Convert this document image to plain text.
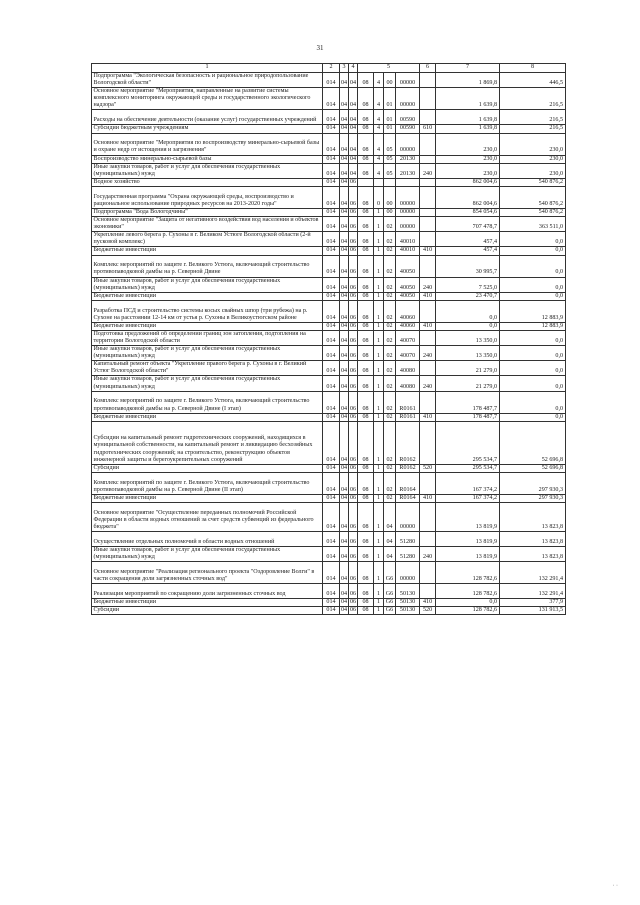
31
1	2	3	4	5				6	7	8
Подпрограмма "Экологическая безопасность и рациональное природопользование Вологодской области"	014	04	04	08	4	00	00000		1 869,8	446,5
Основное мероприятие "Мероприятия, направленные на развитие системы комплексного мониторинга окружающей среды и государственного экологического надзора"	014	04	04	08	4	01	00000		1 639,8	216,5
Расходы на обеспечение деятельности (оказание услуг) государственных учреждений	014	04	04	08	4	01	00590		1 639,8	216,5
Субсидии бюджетным учреждениям	014	04	04	08	4	01	00590	610	1 639,8	216,5
Основное мероприятие "Мероприятия по воспроизводству минерально-сырьевой базы и охране недр от истощения и загрязнения"	014	04	04	08	4	05	00000		230,0	230,0
Воспроизводство минерально-сырьевой базы	014	04	04	08	4	05	20130		230,0	230,0
Иные закупки товаров, работ и услуг для обеспечения государственных (муниципальных) нужд	014	04	04	08	4	05	20130	240	230,0	230,0
Водное хозяйство	014	04	06						862 004,6	540 876,2
Государственная программа "Охрана окружающей среды, воспроизводство и рациональное использование природных ресурсов на 2013-2020 годы"	014	04	06	08	0	00	00000		862 004,6	540 876,2
Подпрограмма "Вода Вологодчины"	014	04	06	08	1	00	00000		854 054,6	540 876,2
Основное мероприятие "Защита от негативного воздействия вод населения и объектов экономики"	014	04	06	08	1	02	00000		707 478,7	363 511,0
Укрепление левого берега р. Сухоны в г. Великом Устюге Вологодской области (2-й пусковой комплекс)	014	04	06	08	1	02	40010		457,4	0,0
Бюджетные инвестиции	014	04	06	08	1	02	40010	410	457,4	0,0
Комплекс мероприятий по защите г. Великого Устюга, включающий строительство противопаводковой дамбы на р. Северной Двине	014	04	06	08	1	02	40050		30 995,7	0,0
Иные закупки товаров, работ и услуг для обеспечения государственных (муниципальных) нужд	014	04	06	08	1	02	40050	240	7 525,0	0,0
Бюджетные инвестиции	014	04	06	08	1	02	40050	410	23 470,7	0,0
Разработка ПСД и строительство системы косых свайных шпор (три рубежа) на р. Сухоне на расстоянии 12-14 км от устья р. Сухоны в Великоустюгском районе	014	04	06	08	1	02	40060		0,0	12 883,9
Бюджетные инвестиции	014	04	06	08	1	02	40060	410	0,0	12 883,9
Подготовка предложений об определении границ зон затопления, подтопления на территории Вологодской области	014	04	06	08	1	02	40070		13 350,0	0,0
Иные закупки товаров, работ и услуг для обеспечения государственных (муниципальных) нужд	014	04	06	08	1	02	40070	240	13 350,0	0,0
Капитальный ремонт объекта "Укрепление правого берега р. Сухоны в г. Великий Устюг Вологодской области"	014	04	06	08	1	02	40080		21 279,0	0,0
Иные закупки товаров, работ и услуг для обеспечения государственных (муниципальных) нужд	014	04	06	08	1	02	40080	240	21 279,0	0,0
Комплекс мероприятий по защите г. Великого Устюга, включающий строительство противопаводковой дамбы на р. Северной Двине (I этап)	014	04	06	08	1	02	R0161		178 487,7	0,0
Бюджетные инвестиции	014	04	06	08	1	02	R0161	410	178 487,7	0,0
Субсидии на капитальный ремонт гидротехнических сооружений, находящихся в муниципальной собственности, на капитальный ремонт и ликвидацию бесхозяйных гидротехнических сооружений; на строительство, реконструкцию объектов инженерной защиты и берегоукрепительных сооружений	014	04	06	08	1	02	R0162		295 534,7	52 696,8
Субсидии	014	04	06	08	1	02	R0162	520	295 534,7	52 696,8
Комплекс мероприятий по защите г. Великого Устюга, включающий строительство противопаводковой дамбы на р. Северной Двине (II этап)	014	04	06	08	1	02	R0164		167 374,2	297 930,3
Бюджетные инвестиции	014	04	06	08	1	02	R0164	410	167 374,2	297 930,3
Основное мероприятие "Осуществление переданных полномочий Российской Федерации в области водных отношений за счет средств субвенций из федерального бюджета"	014	04	06	08	1	04	00000		13 819,9	13 823,8
Осуществление отдельных полномочий в области водных отношений	014	04	06	08	1	04	51280		13 819,9	13 823,8
Иные закупки товаров, работ и услуг для обеспечения государственных (муниципальных) нужд	014	04	06	08	1	04	51280	240	13 819,9	13 823,8
Основное мероприятие "Реализация регионального проекта "Оздоровление Волги" в части сокращения доли загрязненных сточных вод"	014	04	06	08	1	G6	00000		128 782,6	132 291,4
Реализация мероприятий по сокращению доли загрязненных сточных вод	014	04	06	08	1	G6	50130		128 782,6	132 291,4
Бюджетные инвестиции	014	04	06	08	1	G6	50130	410	0,0	377,9
Субсидии	014	04	06	08	1	G6	50130	520	128 782,6	131 913,5
· ·
